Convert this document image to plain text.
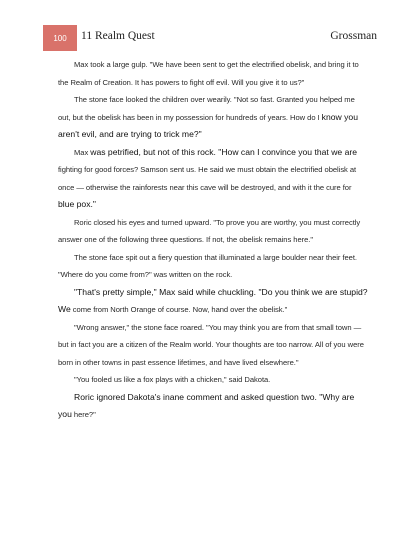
100 11 Realm Quest	Grossman

Max took a large gulp. "We have been sent to get the electrified obelisk, and bring it to the Realm of Creation. It has powers to fight off evil. Will you give it to us?"

The stone face looked the children over wearily. "Not so fast. Granted you helped me out, but the obelisk has been in my possession for hundreds of years. How do I know you aren't evil, and are trying to trick me?"

Max was petrified, but not of this rock. "How can I convince you that we are fighting for good forces? Samson sent us. He said we must obtain the electrified obelisk at once — otherwise the rainforests near this cave will be destroyed, and with it the cure for blue pox."

Roric closed his eyes and turned upward. "To prove you are worthy, you must correctly answer one of the following three questions. If not, the obelisk remains here."

The stone face spit out a fiery question that illuminated a large boulder near their feet. "Where do you come from?" was written on the rock.

"That's pretty simple," Max said while chuckling. "Do you think we are stupid? We come from North Orange of course. Now, hand over the obelisk."

"Wrong answer," the stone face roared. "You may think you are from that small town — but in fact you are a citizen of the Realm world. Your thoughts are too narrow. All of you were born in other towns in past essence lifetimes, and have lived elsewhere."

"You fooled us like a fox plays with a chicken," said Dakota.

Roric ignored Dakota's inane comment and asked question two. "Why are you here?"
